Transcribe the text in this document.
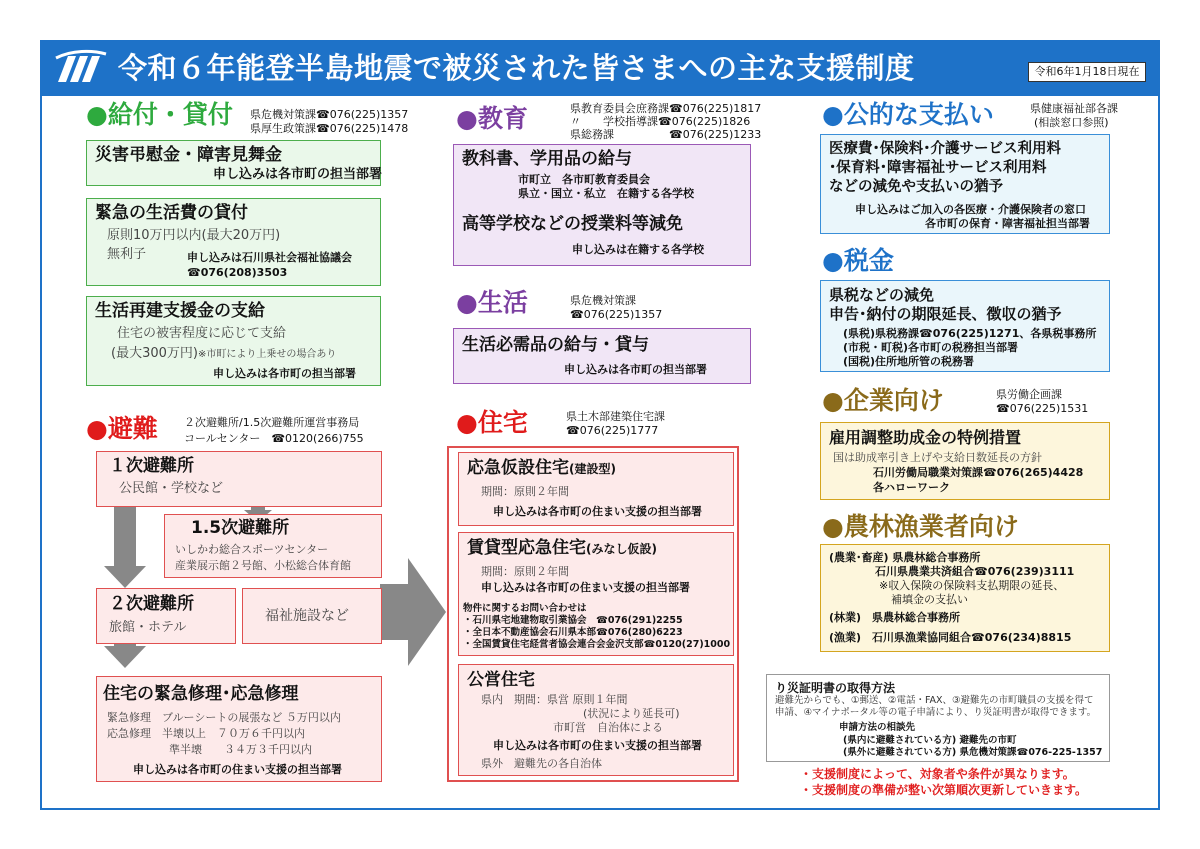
令和６年能登半島地震で被災された皆さまへの主な支援制度	令和6年1月18日現在
●給付・貸付 県危機対策課☎076(225)1357
県厚生政策課☎076(225)1478
災害弔慰金・障害見舞金
申し込みは各市町の担当部署
緊急の生活費の貸付
原則10万円以内(最大20万円)
無利子	申し込みは石川県社会福祉協議会
☎076(208)3503
生活再建支援金の支給
住宅の被害程度に応じて支給
(最大300万円)※市町により上乗せの場合あり
申し込みは各市町の担当部署
●教育	県教育委員会庶務課☎076(225)1817
〃　　学校指導課☎076(225)1826
県総務課　　　　　☎076(225)1233
教科書、学用品の給与
市町立　各市町教育委員会
県立・国立・私立　在籍する各学校
高等学校などの授業料等減免
申し込みは在籍する各学校
●生活	県危機対策課
☎076(225)1357
生活必需品の給与・貸与
申し込みは各市町の担当部署
●公的な支払い	県健康福祉部各課
(相談窓口参照)
医療費･保険料･介護サービス利用料
･保育料･障害福祉サービス利用料
などの減免や支払いの猶予
申し込みはご加入の各医療・介護保険者の窓口
各市町の保育・障害福祉担当部署
●税金
県税などの減免
申告･納付の期限延長、徴収の猶予
(県税)県税務課☎076(225)1271、各県税事務所
(市税・町税)各市町の税務担当部署
(国税)住所地所管の税務署
●企業向け	県労働企画課
☎076(225)1531
雇用調整助成金の特例措置
国は助成率引き上げや支給日数延長の方針
石川労働局職業対策課☎076(265)4428
各ハローワーク
●農林漁業者向け
(農業･畜産) 県農林総合事務所
石川県農業共済組合☎076(239)3111
※収入保険の保険料支払期限の延長、
補填金の支払い
(林業)　県農林総合事務所
(漁業)　石川県漁業協同組合☎076(234)8815
●避難 ２次避難所/1.5次避難所運営事務局
コールセンター　☎0120(266)755
１次避難所
公民館・学校など
1.5次避難所
いしかわ総合スポーツセンター
産業展示館２号館、小松総合体育館
２次避難所
旅館・ホテル
福祉施設など
住宅の緊急修理･応急修理
緊急修理　ブルーシートの展張など ５万円以内
応急修理　半壊以上　７０万６千円以内
準半壊　　３４万３千円以内
申し込みは各市町の住まい支援の担当部署
●住宅	県土木部建築住宅課
☎076(225)1777
応急仮設住宅(建設型)
期間：原則２年間
申し込みは各市町の住まい支援の担当部署
賃貸型応急住宅(みなし仮設)
期間：原則２年間
申し込みは各市町の住まい支援の担当部署
物件に関するお問い合わせは
・石川県宅地建物取引業協会　☎076(291)2255
・全日本不動産協会石川県本部☎076(280)6223
・全国賃貸住宅経営者協会連合会金沢支部☎0120(27)1000
公営住宅
県内　期間：県営 原則１年間
(状況により延長可)
市町営　自治体による
申し込みは各市町の住まい支援の担当部署
県外　避難先の各自治体
り災証明書の取得方法
避難先からでも、①郵送、②電話・FAX、③避難先の市町職員の支援を得て
申請、④マイナポータル等の電子申請により、り災証明書が取得できます。
申請方法の相談先
(県内に避難されている方) 避難先の市町
(県外に避難されている方) 県危機対策課☎076-225-1357
・支援制度によって、対象者や条件が異なります。
・支援制度の準備が整い次第順次更新していきます。
